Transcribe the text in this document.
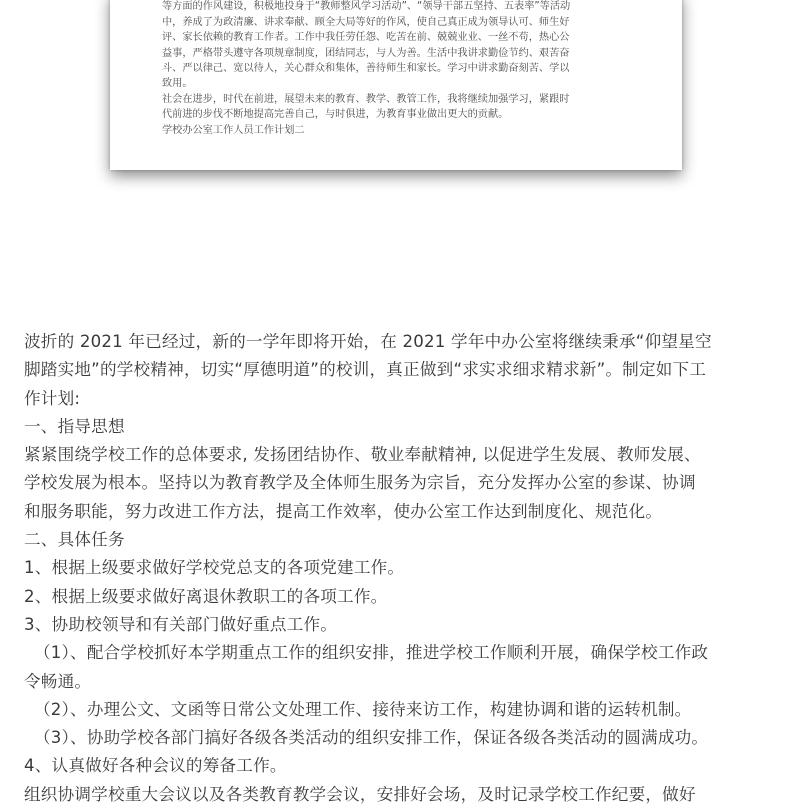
等方面的作风建设，积极地投身于“教师整风学习活动”、“领导干部五坚持、五表率”等活动

中，养成了为政清廉、讲求奉献、顾全大局等好的作风，使自己真正成为领导认可、师生好

评、家长依赖的教育工作者。工作中我任劳任怨、吃苦在前、兢兢业业、一丝不苟，热心公

益事，严格带头遵守各项规章制度，团结同志，与人为善。生活中我讲求勤俭节约、艰苦奋

斗、严以律己、宽以待人，关心群众和集体，善待师生和家长。学习中讲求勤奋刻苦、学以

致用。

社会在进步，时代在前进，展望未来的教育、教学、教管工作，我将继续加强学习，紧跟时

代前进的步伐不断地提高完善自己，与时俱进，为教育事业做出更大的贡献。

学校办公室工作人员工作计划二

波折的 2021 年已经过，新的一学年即将开始，在 2021 学年中办公室将继续秉承“仰望星空

脚踏实地”的学校精神，切实“厚德明道”的校训，真正做到“求实求细求精求新”。制定如下工

作计划:

一、指导思想

紧紧围绕学校工作的总体要求, 发扬团结协作、敬业奉献精神, 以促进学生发展、教师发展、

学校发展为根本。坚持以为教育教学及全体师生服务为宗旨，充分发挥办公室的参谋、协调

和服务职能，努力改进工作方法，提高工作效率，使办公室工作达到制度化、规范化。

二、具体任务

1、根据上级要求做好学校党总支的各项党建工作。

2、根据上级要求做好离退休教职工的各项工作。

3、协助校领导和有关部门做好重点工作。

（1）、配合学校抓好本学期重点工作的组织安排，推进学校工作顺利开展，确保学校工作政

令畅通。

（2）、办理公文、文函等日常公文处理工作、接待来访工作，构建协调和谐的运转机制。

（3）、协助学校各部门搞好各级各类活动的组织安排工作，保证各级各类活动的圆满成功。

4、认真做好各种会议的筹备工作。

组织协调学校重大会议以及各类教育教学会议，安排好会场，及时记录学校工作纪要，做好
